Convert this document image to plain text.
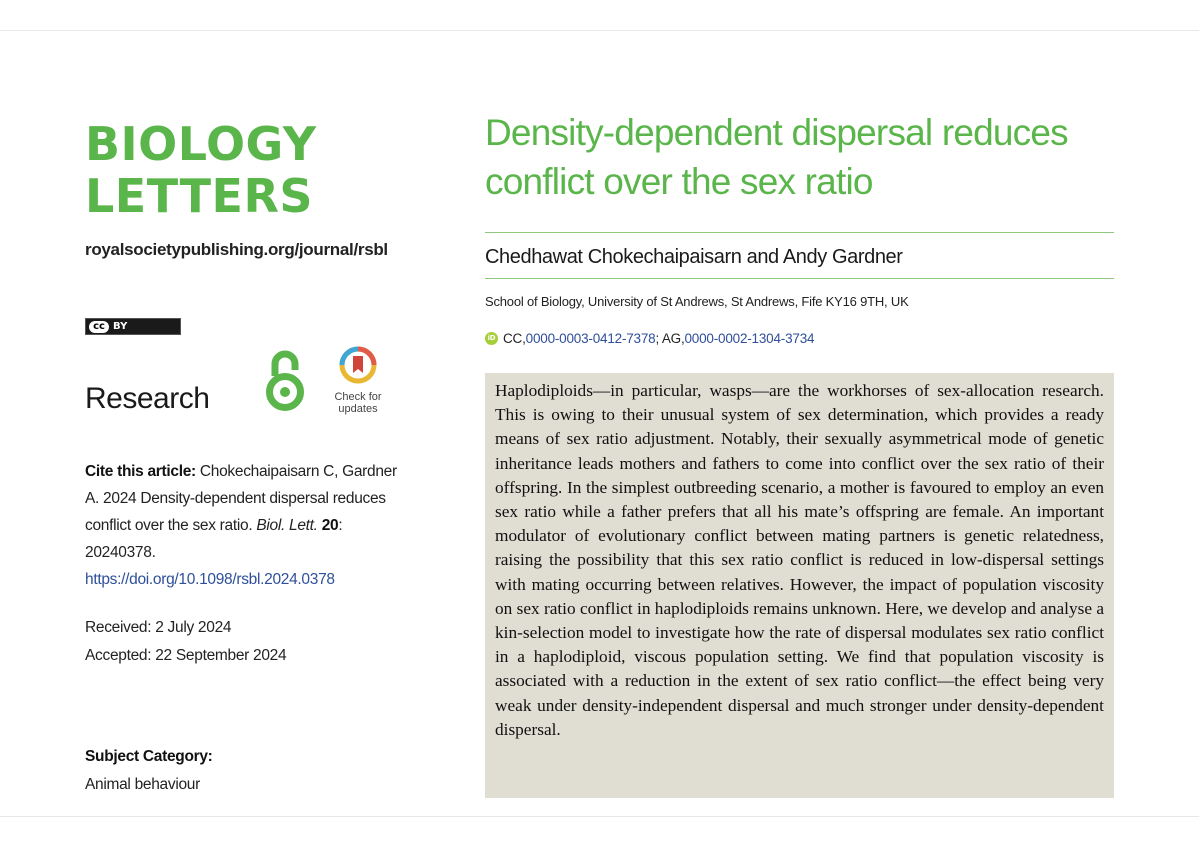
BIOLOGY
LETTERS
royalsocietypublishing.org/journal/rsbl
cc BY
Research	Check for
updates
Cite this article: Chokechaipaisarn C, Gardner A. 2024 Density-dependent dispersal reduces conflict over the sex ratio. Biol. Lett. 20: 20240378.
https://doi.org/10.1098/rsbl.2024.0378
Received: 2 July 2024
Accepted: 22 September 2024
Subject Category:
Animal behaviour
Density-dependent dispersal reduces conflict over the sex ratio
Chedhawat Chokechaipaisarn and Andy Gardner
School of Biology, University of St Andrews, St Andrews, Fife KY16 9TH, UK
iD CC, 0000-0003-0412-7378 ; AG, 0000-0002-1304-3734

Haplodiploids—in particular, wasps—are the workhorses of sex-allocation research. This is owing to their unusual system of sex determination, which provides a ready means of sex ratio adjustment. Notably, their sexually asymmetrical mode of genetic inheritance leads mothers and fathers to come into conflict over the sex ratio of their offspring. In the simplest outbreeding scenario, a mother is favoured to employ an even sex ratio while a father prefers that all his mate’s offspring are female. An important modulator of evolutionary conflict between mating partners is genetic relatedness, raising the possibility that this sex ratio conflict is reduced in low-dispersal settings with mating occurring between relatives. However, the impact of population viscosity on sex ratio conflict in haplodiploids remains unknown. Here, we develop and analyse a kin-selection model to investigate how the rate of dispersal modulates sex ratio conflict in a haplodiploid, viscous population setting. We find that population viscosity is associated with a reduction in the extent of sex ratio conflict—the effect being very weak under density-independent dispersal and much stronger under density-dependent dispersal.
